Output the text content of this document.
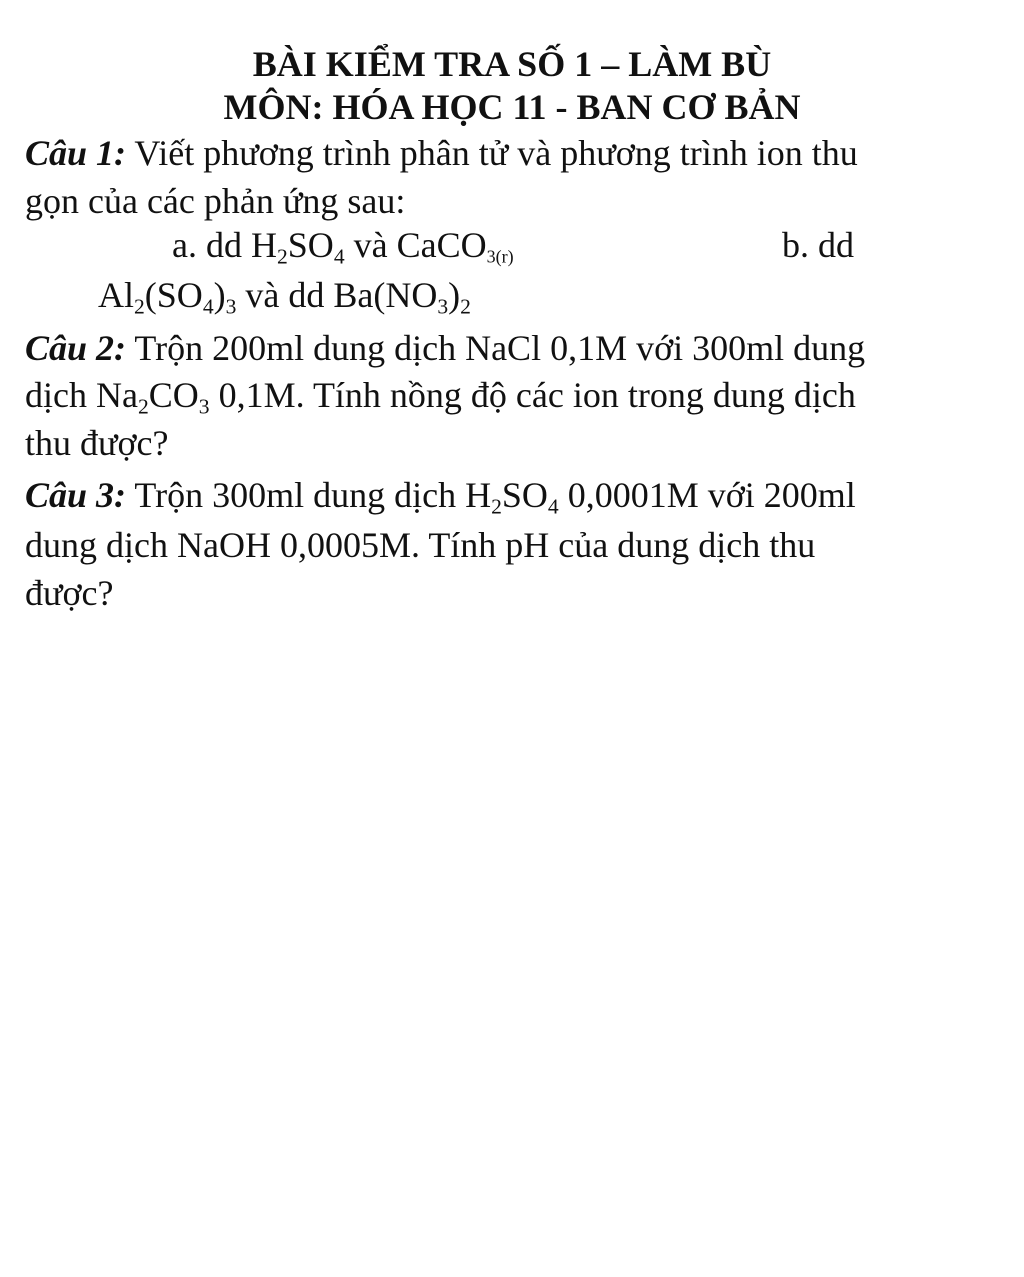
BÀI KIỂM TRA SỐ 1 – LÀM BÙ
MÔN: HÓA HỌC 11 - BAN CƠ BẢN
Câu 1: Viết phương trình phân tử và phương trình ion thu
gọn của các phản ứng sau:
a. dd $H_2SO_4$ và CaCO$_{3(r)}$	b. dd
$Al_2(SO_4)_3$ và dd $Ba(NO_3)_2$
Câu 2: Trộn 200ml dung dịch NaCl 0,1M với 300ml dung
dịch $Na_2CO_3$ 0,1M. Tính nồng độ các ion trong dung dịch
thu được?
Câu 3: Trộn 300ml dung dịch $H_2SO_4$ 0,0001M với 200ml
dung dịch NaOH 0,0005M. Tính pH của dung dịch thu
được?
